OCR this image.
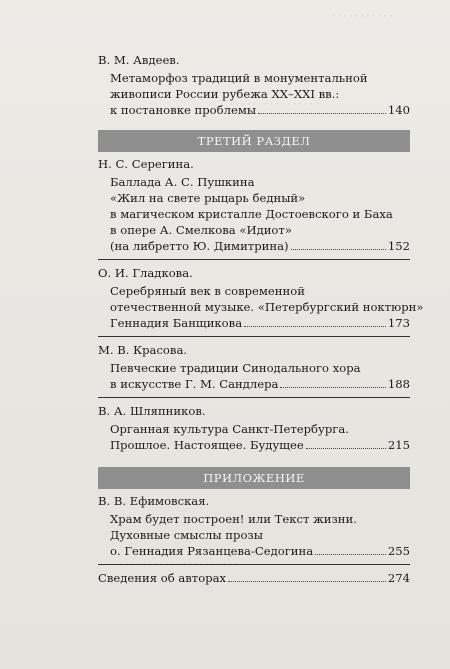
· · · · · · · · · · ·
· · · · · · · · · · · · · · · ·
· · · · · · · · · · · · · · · · · · · · ·
В. М. Авдеев.
Метаморфоз традиций в монументальной
живописи России рубежа XX–XXI вв.:
к постановке проблемы	140
ТРЕТИЙ РАЗДЕЛ
Н. С. Серегина.
Баллада А. С. Пушкина
«Жил на свете рыцарь бедный»
в магическом кристалле Достоевского и Баха
в опере А. Смелкова «Идиот»
(на либретто Ю. Димитрина)	152
О. И. Гладкова.
Серебряный век в современной
отечественной музыке. «Петербургский ноктюрн»
Геннадия Банщикова	173
М. В. Красова.
Певческие традиции Синодального хора
в искусстве Г. М. Сандлера	188
В. А. Шляпников.
Органная культура Санкт-Петербурга.
Прошлое. Настоящее. Будущее	215
ПРИЛОЖЕНИЕ
В. В. Ефимовская.
Храм будет построен! или Текст жизни.
Духовные смыслы прозы
о. Геннадия Рязанцева-Седогина	255
Сведения об авторах	274
